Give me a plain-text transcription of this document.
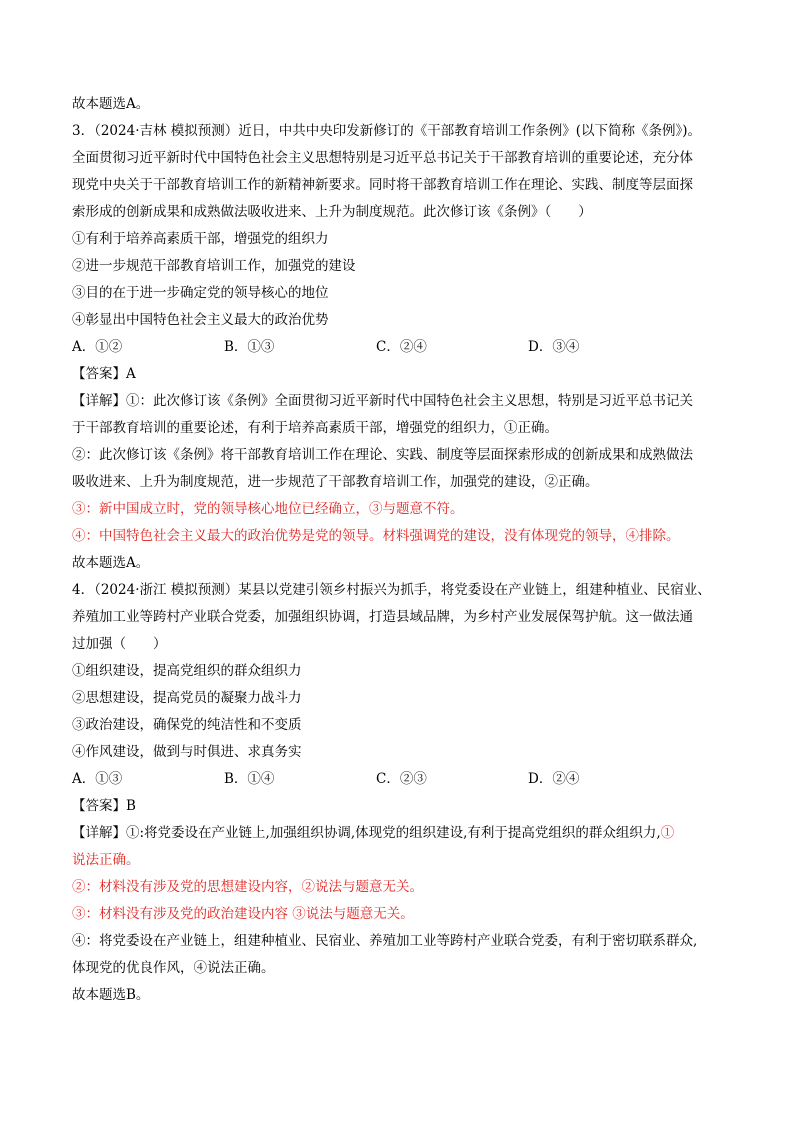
故本题选A。
3．（2024·吉林 模拟预测）近日，中共中央印发新修订的《干部教育培训工作条例》(以下简称《条例》)。
全面贯彻习近平新时代中国特色社会主义思想特别是习近平总书记关于干部教育培训的重要论述，充分体
现党中央关于干部教育培训工作的新精神新要求。同时将干部教育培训工作在理论、实践、制度等层面探
索形成的创新成果和成熟做法吸收进来、上升为制度规范。此次修订该《条例》（　　）
①有利于培养高素质干部，增强党的组织力
②进一步规范干部教育培训工作，加强党的建设
③目的在于进一步确定党的领导核心的地位
④彰显出中国特色社会主义最大的政治优势
A．①②	B．①③	C．②④	D．③④
【答案】A
【详解】①：此次修订该《条例》全面贯彻习近平新时代中国特色社会主义思想，特别是习近平总书记关
于干部教育培训的重要论述，有利于培养高素质干部，增强党的组织力，①正确。
②：此次修订该《条例》将干部教育培训工作在理论、实践、制度等层面探索形成的创新成果和成熟做法
吸收进来、上升为制度规范，进一步规范了干部教育培训工作，加强党的建设，②正确。
③：新中国成立时，党的领导核心地位已经确立，③与题意不符。
④：中国特色社会主义最大的政治优势是党的领导。材料强调党的建设，没有体现党的领导，④排除。
故本题选A。
4．（2024·浙江 模拟预测）某县以党建引领乡村振兴为抓手，将党委设在产业链上，组建种植业、民宿业、
养殖加工业等跨村产业联合党委，加强组织协调，打造县域品牌，为乡村产业发展保驾护航。这一做法通
过加强（　　）
①组织建设，提高党组织的群众组织力
②思想建设，提高党员的凝聚力战斗力
③政治建设，确保党的纯洁性和不变质
④作风建设，做到与时俱进、求真务实
A．①③	B．①④	C．②③	D．②④
【答案】B
【详解】①:将党委设在产业链上,加强组织协调,体现党的组织建设,有利于提高党组织的群众组织力,①
说法正确。
②：材料没有涉及党的思想建设内容，②说法与题意无关。
③：材料没有涉及党的政治建设内容 ③说法与题意无关。
④：将党委设在产业链上，组建种植业、民宿业、养殖加工业等跨村产业联合党委，有利于密切联系群众,
体现党的优良作风，④说法正确。
故本题选B。
